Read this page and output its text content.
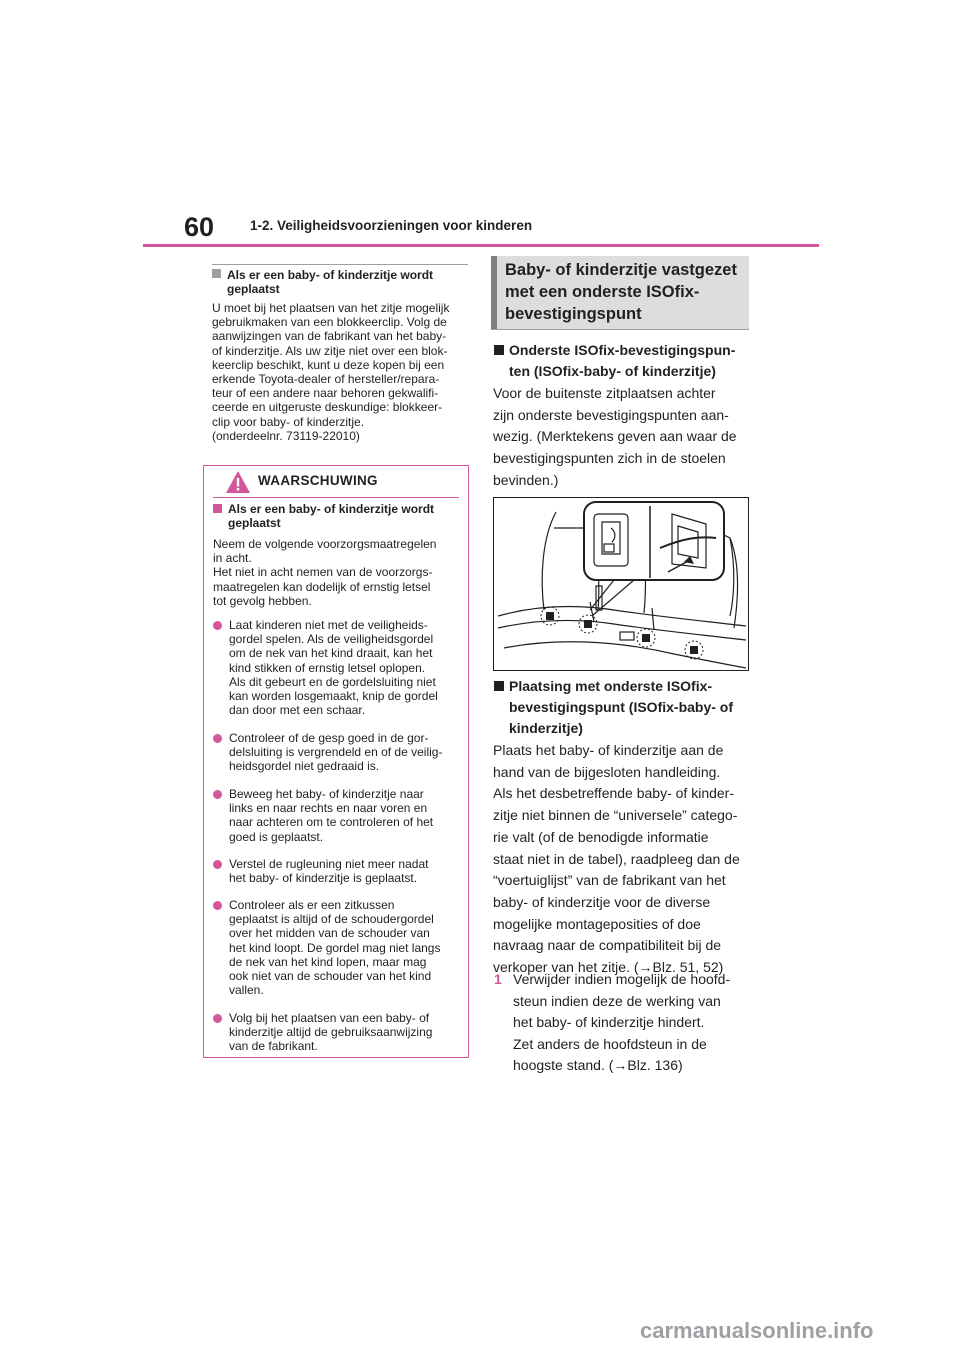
60	1-2. Veiligheidsvoorzieningen voor kinderen
Als er een baby- of kinderzitje wordt geplaatst

U moet bij het plaatsen van het zitje mogelijk

gebruikmaken van een blokkeerclip. Volg de

aanwijzingen van de fabrikant van het baby-

of kinderzitje. Als uw zitje niet over een blok-

keerclip beschikt, kunt u deze kopen bij een

erkende Toyota-dealer of hersteller/repara-

teur of een andere naar behoren gekwalifi-

ceerde en uitgeruste deskundige: blokkeer-

clip voor baby- of kinderzitje.

(onderdeelnr. 73119-22010)

WAARSCHUWING
Als er een baby- of kinderzitje wordt geplaatst

Neem de volgende voorzorgsmaatregelen

in acht.

Het niet in acht nemen van de voorzorgs-

maatregelen kan dodelijk of ernstig letsel

tot gevolg hebben.

Laat kinderen niet met de veiligheids-
gordel spelen. Als de veiligheidsgordel
om de nek van het kind draait, kan het
kind stikken of ernstig letsel oplopen.
Als dit gebeurt en de gordelsluiting niet
kan worden losgemaakt, knip de gordel
dan door met een schaar.
Controleer of de gesp goed in de gor-
delsluiting is vergrendeld en of de veilig-
heidsgordel niet gedraaid is.
Beweeg het baby- of kinderzitje naar
links en naar rechts en naar voren en
naar achteren om te controleren of het
goed is geplaatst.
Verstel de rugleuning niet meer nadat
het baby- of kinderzitje is geplaatst.
Controleer als er een zitkussen
geplaatst is altijd of de schoudergordel
over het midden van de schouder van
het kind loopt. De gordel mag niet langs
de nek van het kind lopen, maar mag
ook niet van de schouder van het kind
vallen.
Volg bij het plaatsen van een baby- of
kinderzitje altijd de gebruiksaanwijzing
van de fabrikant.
Baby- of kinderzitje vastgezet
met een onderste ISOfix-
bevestigingspunt
Onderste ISOfix-bevestigingspun-
ten (ISOfix-baby- of kinderzitje)

Voor de buitenste zitplaatsen achter

zijn onderste bevestigingspunten aan-

wezig. (Merktekens geven aan waar de

bevestigingspunten zich in de stoelen

bevinden.)

Plaatsing met onderste ISOfix-
bevestigingspunt (ISOfix-baby- of
kinderzitje)

Plaats het baby- of kinderzitje aan de

hand van de bijgesloten handleiding.

Als het desbetreffende baby- of kinder-

zitje niet binnen de “universele” catego-

rie valt (of de benodigde informatie

staat niet in de tabel), raadpleeg dan de

“voertuiglijst” van de fabrikant van het

baby- of kinderzitje voor de diverse

mogelijke montageposities of doe

navraag naar de compatibiliteit bij de

verkoper van het zitje. (→Blz. 51, 52)

1 Verwijder indien mogelijk de hoofd-

steun indien deze de werking van

het baby- of kinderzitje hindert.

Zet anders de hoofdsteun in de

hoogste stand. (→Blz. 136)

carmanualsonline.info
